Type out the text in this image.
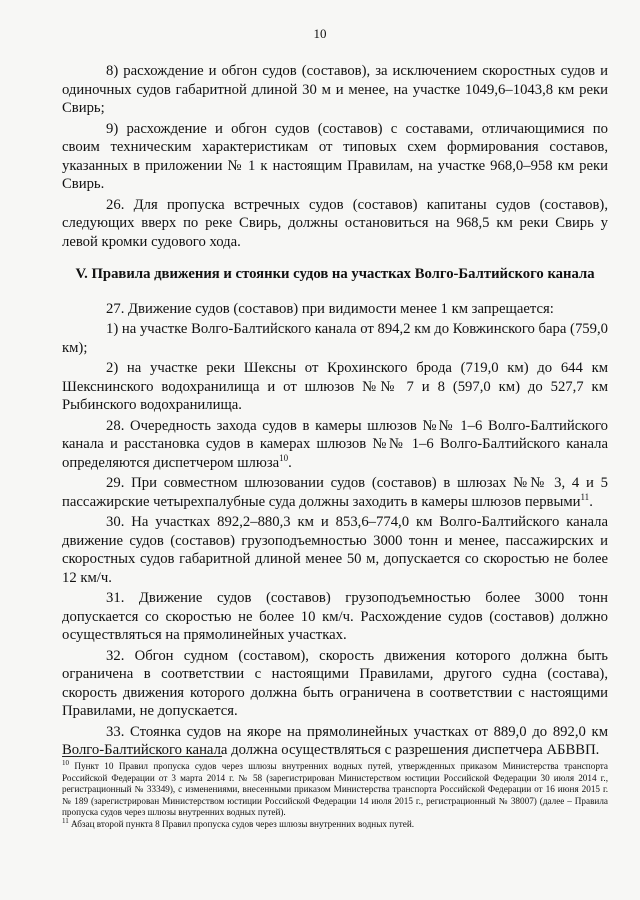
10

8) расхождение и обгон судов (составов), за исключением скоростных судов и одиночных судов габаритной длиной 30 м и менее, на участке 1049,6–1043,8 км реки Свирь;

9) расхождение и обгон судов (составов) с составами, отличающимися по своим техническим характеристикам от типовых схем формирования составов, указанных в приложении № 1 к настоящим Правилам, на участке 968,0–958 км реки Свирь.

26. Для пропуска встречных судов (составов) капитаны судов (составов), следующих вверх по реке Свирь, должны остановиться на 968,5 км реки Свирь у левой кромки судового хода.

V. Правила движения и стоянки судов на участках Волго-Балтийского канала

27. Движение судов (составов) при видимости менее 1 км запрещается:

1) на участке Волго-Балтийского канала от 894,2 км до Ковжинского бара (759,0 км);

2) на участке реки Шексны от Крохинского брода (719,0 км) до 644 км Шекснинского водохранилища и от шлюзов №№ 7 и 8 (597,0 км) до 527,7 км Рыбинского водохранилища.

28. Очередность захода судов в камеры шлюзов №№ 1–6 Волго-Балтийского канала и расстановка судов в камерах шлюзов №№ 1–6 Волго-Балтийского канала определяются диспетчером шлюза$^{10}$.

29. При совместном шлюзовании судов (составов) в шлюзах №№ 3, 4 и 5 пассажирские четырехпалубные суда должны заходить в камеры шлюзов первыми$^{11}$.

30. На участках 892,2–880,3 км и 853,6–774,0 км Волго-Балтийского канала движение судов (составов) грузоподъемностью 3000 тонн и менее, пассажирских и скоростных судов габаритной длиной менее 50 м, допускается со скоростью не более 12 км/ч.

31. Движение судов (составов) грузоподъемностью более 3000 тонн допускается со скоростью не более 10 км/ч. Расхождение судов (составов) должно осуществляться на прямолинейных участках.

32. Обгон судном (составом), скорость движения которого должна быть ограничена в соответствии с настоящими Правилами, другого судна (состава), скорость движения которого должна быть ограничена в соответствии с настоящими Правилами, не допускается.

33. Стоянка судов на якоре на прямолинейных участках от 889,0 до 892,0 км Волго-Балтийского канала должна осуществляться с разрешения диспетчера АБВВП.

$^{10}$ Пункт 10 Правил пропуска судов через шлюзы внутренних водных путей, утвержденных приказом Министерства транспорта Российской Федерации от 3 марта 2014 г. № 58 (зарегистрирован Министерством юстиции Российской Федерации 30 июля 2014 г., регистрационный № 33349), с изменениями, внесенными приказом Министерства транспорта Российской Федерации от 16 июня 2015 г. № 189 (зарегистрирован Министерством юстиции Российской Федерации 14 июля 2015 г., регистрационный № 38007) (далее – Правила пропуска судов через шлюзы внутренних водных путей).

$^{11}$ Абзац второй пункта 8 Правил пропуска судов через шлюзы внутренних водных путей.
